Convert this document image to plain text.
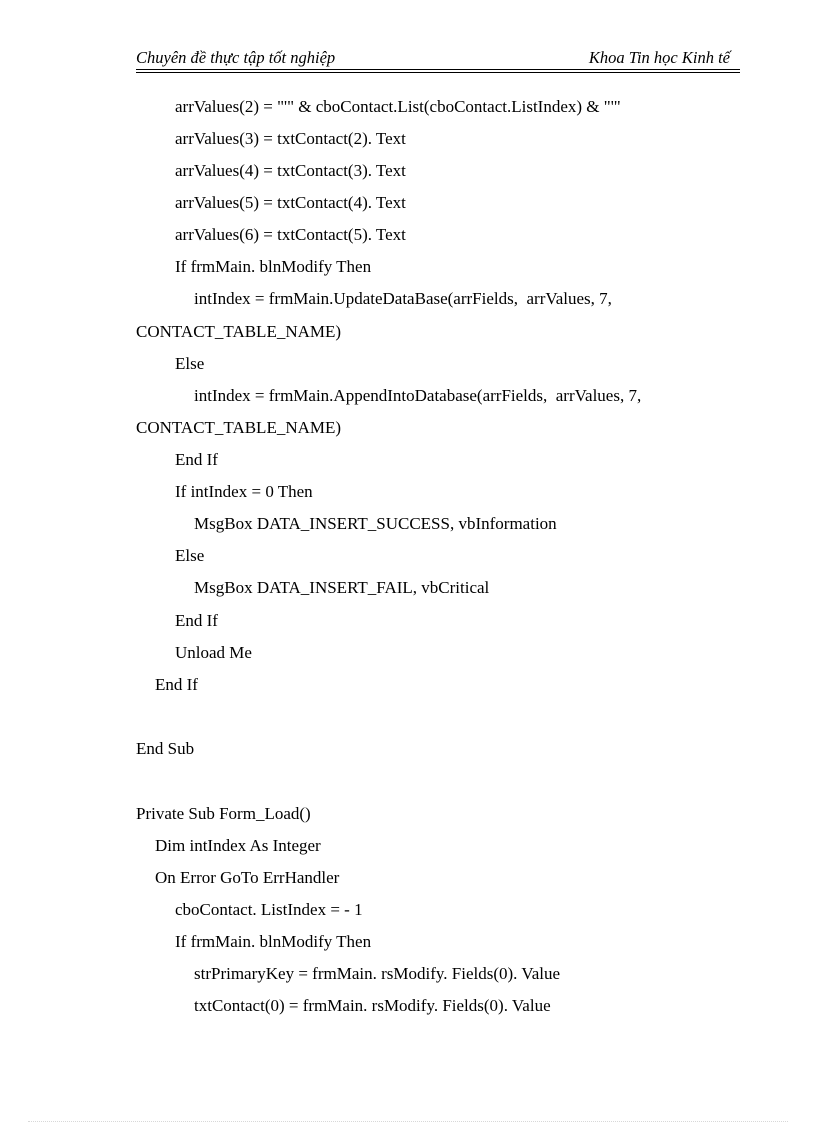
Chuyên đề thực tập tốt nghiệp	Khoa Tin học Kinh tế
arrValues(2) = "'" & cboContact.List(cboContact.ListIndex) & "'"
arrValues(3) = txtContact(2). Text
arrValues(4) = txtContact(3). Text
arrValues(5) = txtContact(4). Text
arrValues(6) = txtContact(5). Text
If frmMain. blnModify Then
intIndex = frmMain.UpdateDataBase(arrFields,  arrValues, 7,
CONTACT_TABLE_NAME)
Else
intIndex = frmMain.AppendIntoDatabase(arrFields,  arrValues, 7,
CONTACT_TABLE_NAME)
End If
If intIndex = 0 Then
MsgBox DATA_INSERT_SUCCESS, vbInformation
Else
MsgBox DATA_INSERT_FAIL, vbCritical
End If
Unload Me
End If
End Sub
Private Sub Form_Load()
Dim intIndex As Integer
On Error GoTo ErrHandler
cboContact. ListIndex = - 1
If frmMain. blnModify Then
strPrimaryKey = frmMain. rsModify. Fields(0). Value
txtContact(0) = frmMain. rsModify. Fields(0). Value
